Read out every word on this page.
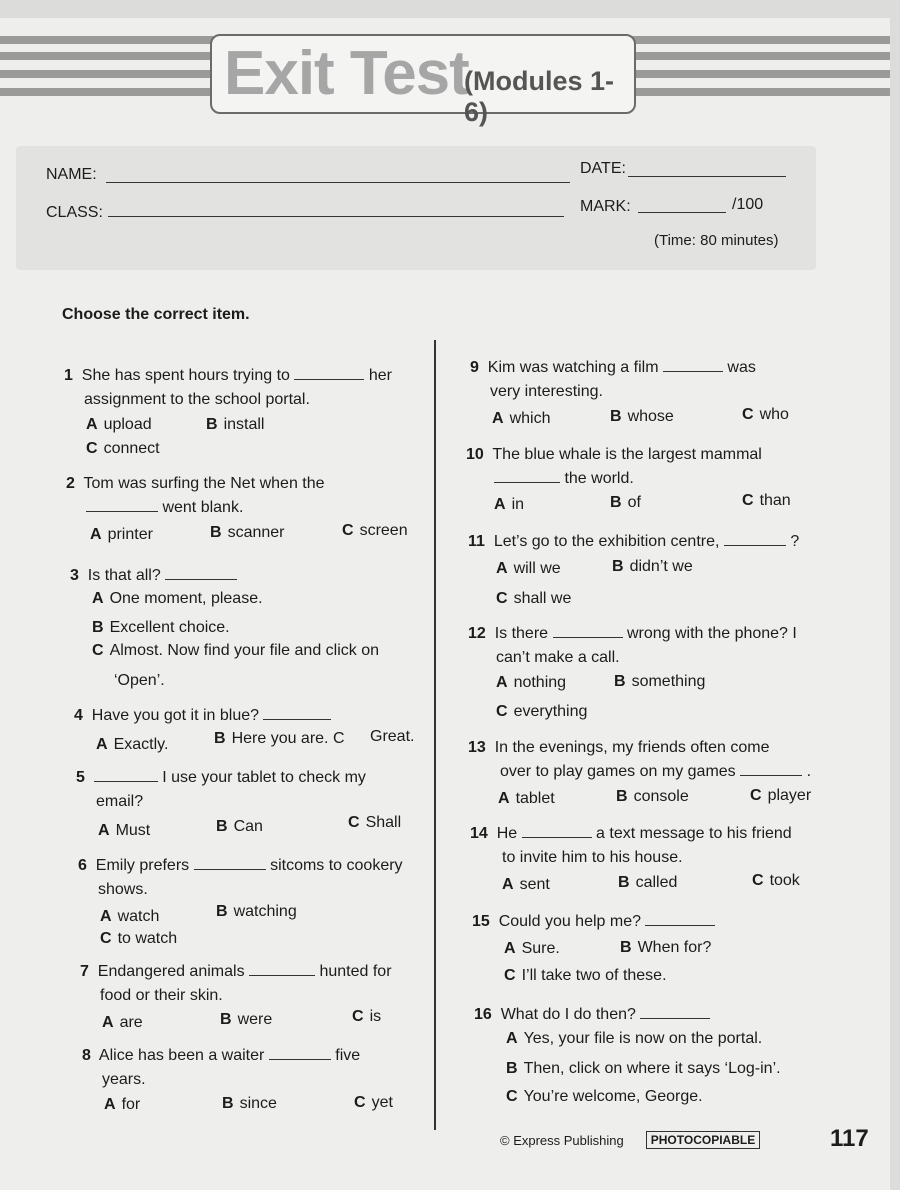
Exit Test
(Modules 1-6)
NAME:	DATE:
CLASS:	MARK:	/100
(Time: 80 minutes)
Choose the correct item.
1 She has spent hours trying to	her
assignment to the school portal.
A upload	B install
C connect
2 Tom was surfing the Net when the
went blank.
A printer	B scanner	C screen
3 Is that all?
A One moment, please.
B Excellent choice.
C Almost. Now find your file and click on
‘Open’.
4 Have you got it in blue?
A Exactly.	B Here you are. C Great.
5	I use your tablet to check my
email?
A Must	B Can	C Shall
6 Emily prefers	sitcoms to cookery
shows.
A watch	B watching
C to watch
7 Endangered animals	hunted for
food or their skin.
A are	B were	C is
8 Alice has been a waiter	five
years.
A for	B since	C yet
9 Kim was watching a film	was
very interesting.
A which	B whose	C who
10 The blue whale is the largest mammal
the world.
A in	B of	C than
11 Let’s go to the exhibition centre,	?
A will we	B didn’t we
C shall we
12 Is there	wrong with the phone? I
can’t make a call.
A nothing	B something
C everything
13 In the evenings, my friends often come
over to play games on my games	.
A tablet	B console	C player
14 He	a text message to his friend
to invite him to his house.
A sent	B called	C took
15 Could you help me?
A Sure.	B When for?
C I’ll take two of these.
16 What do I do then?
A Yes, your file is now on the portal.
B Then, click on where it says ‘Log-in’.
C You’re welcome, George.
© Express Publishing	PHOTOCOPIABLE	117
